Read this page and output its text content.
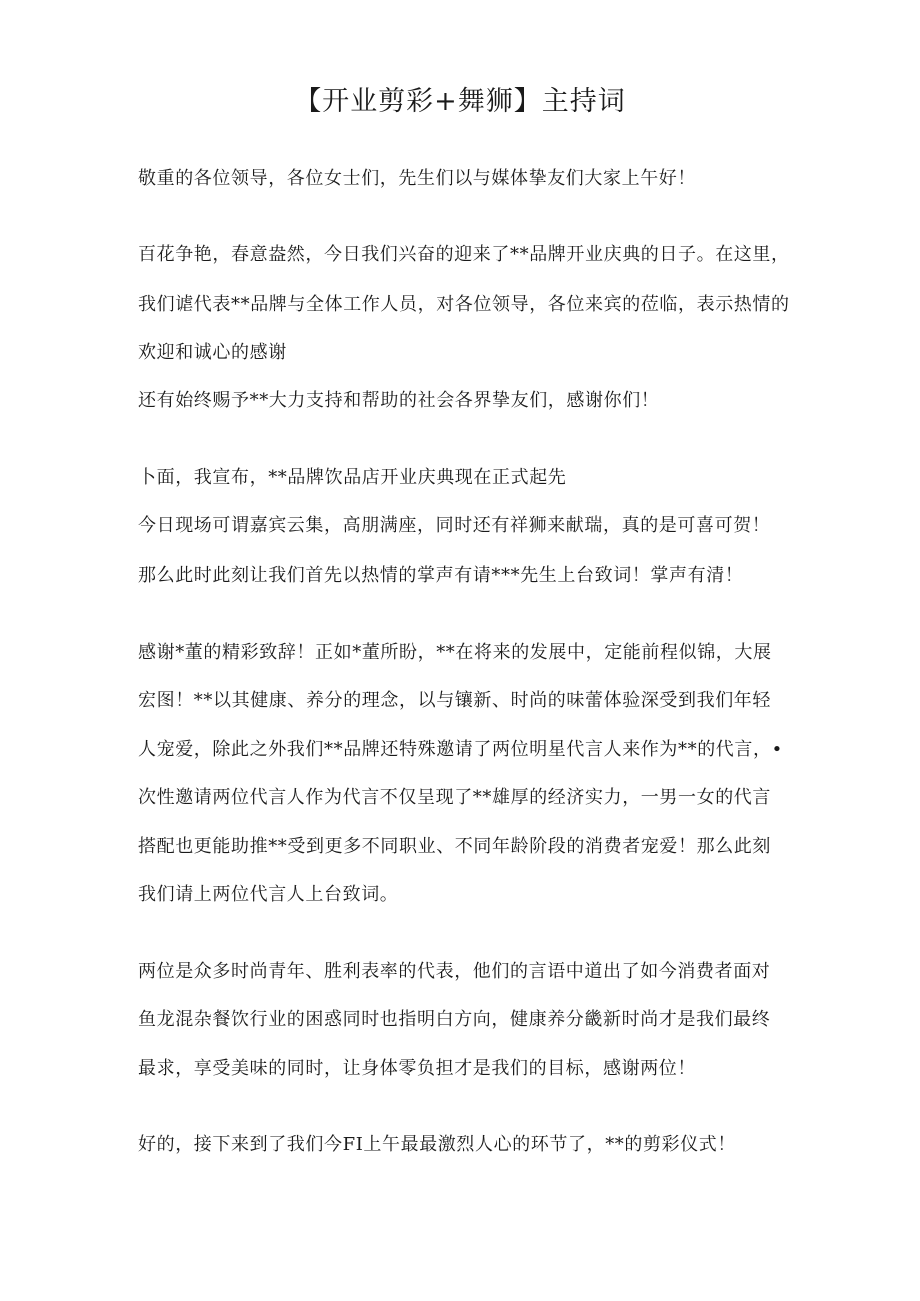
【开业剪彩+舞狮】主持词
敬重的各位领导，各位女士们，先生们以与媒体挚友们大家上午好！
百花争艳，春意盎然，今日我们兴奋的迎来了**品牌开业庆典的日子。在这里，
我们谑代表**品牌与全体工作人员，对各位领导，各位来宾的莅临，表示热情的
欢迎和诚心的感谢
还有始终赐予**大力支持和帮助的社会各界挚友们，感谢你们！
卜面，我宣布，**品牌饮品店开业庆典现在正式起先
今日现场可谓嘉宾云集，高朋满座，同时还有祥狮来献瑞，真的是可喜可贺！
那么此时此刻让我们首先以热情的掌声有请***先生上台致词！掌声有清！
感谢*董的精彩致辞！正如*董所盼，**在将来的发展中，定能前程似锦，大展
宏图！**以其健康、养分的理念，以与镶新、时尚的味蕾体验深受到我们年轻
人宠爱，除此之外我们**品牌还特殊邀请了两位明星代言人来作为**的代言，•
次性邀请两位代言人作为代言不仅呈现了**雄厚的经济实力，一男一女的代言
搭配也更能助推**受到更多不同职业、不同年龄阶段的消费者宠爱！那么此刻
我们请上两位代言人上台致词。
两位是众多时尚青年、胜利表率的代表，他们的言语中道出了如今消费者面对
鱼龙混杂餐饮行业的困惑同时也指明白方向，健康养分畿新时尚才是我们最终
最求，享受美味的同时，让身体零负担才是我们的目标，感谢两位！
好的，接下来到了我们今FI上午最最激烈人心的环节了，**的剪彩仪式！
